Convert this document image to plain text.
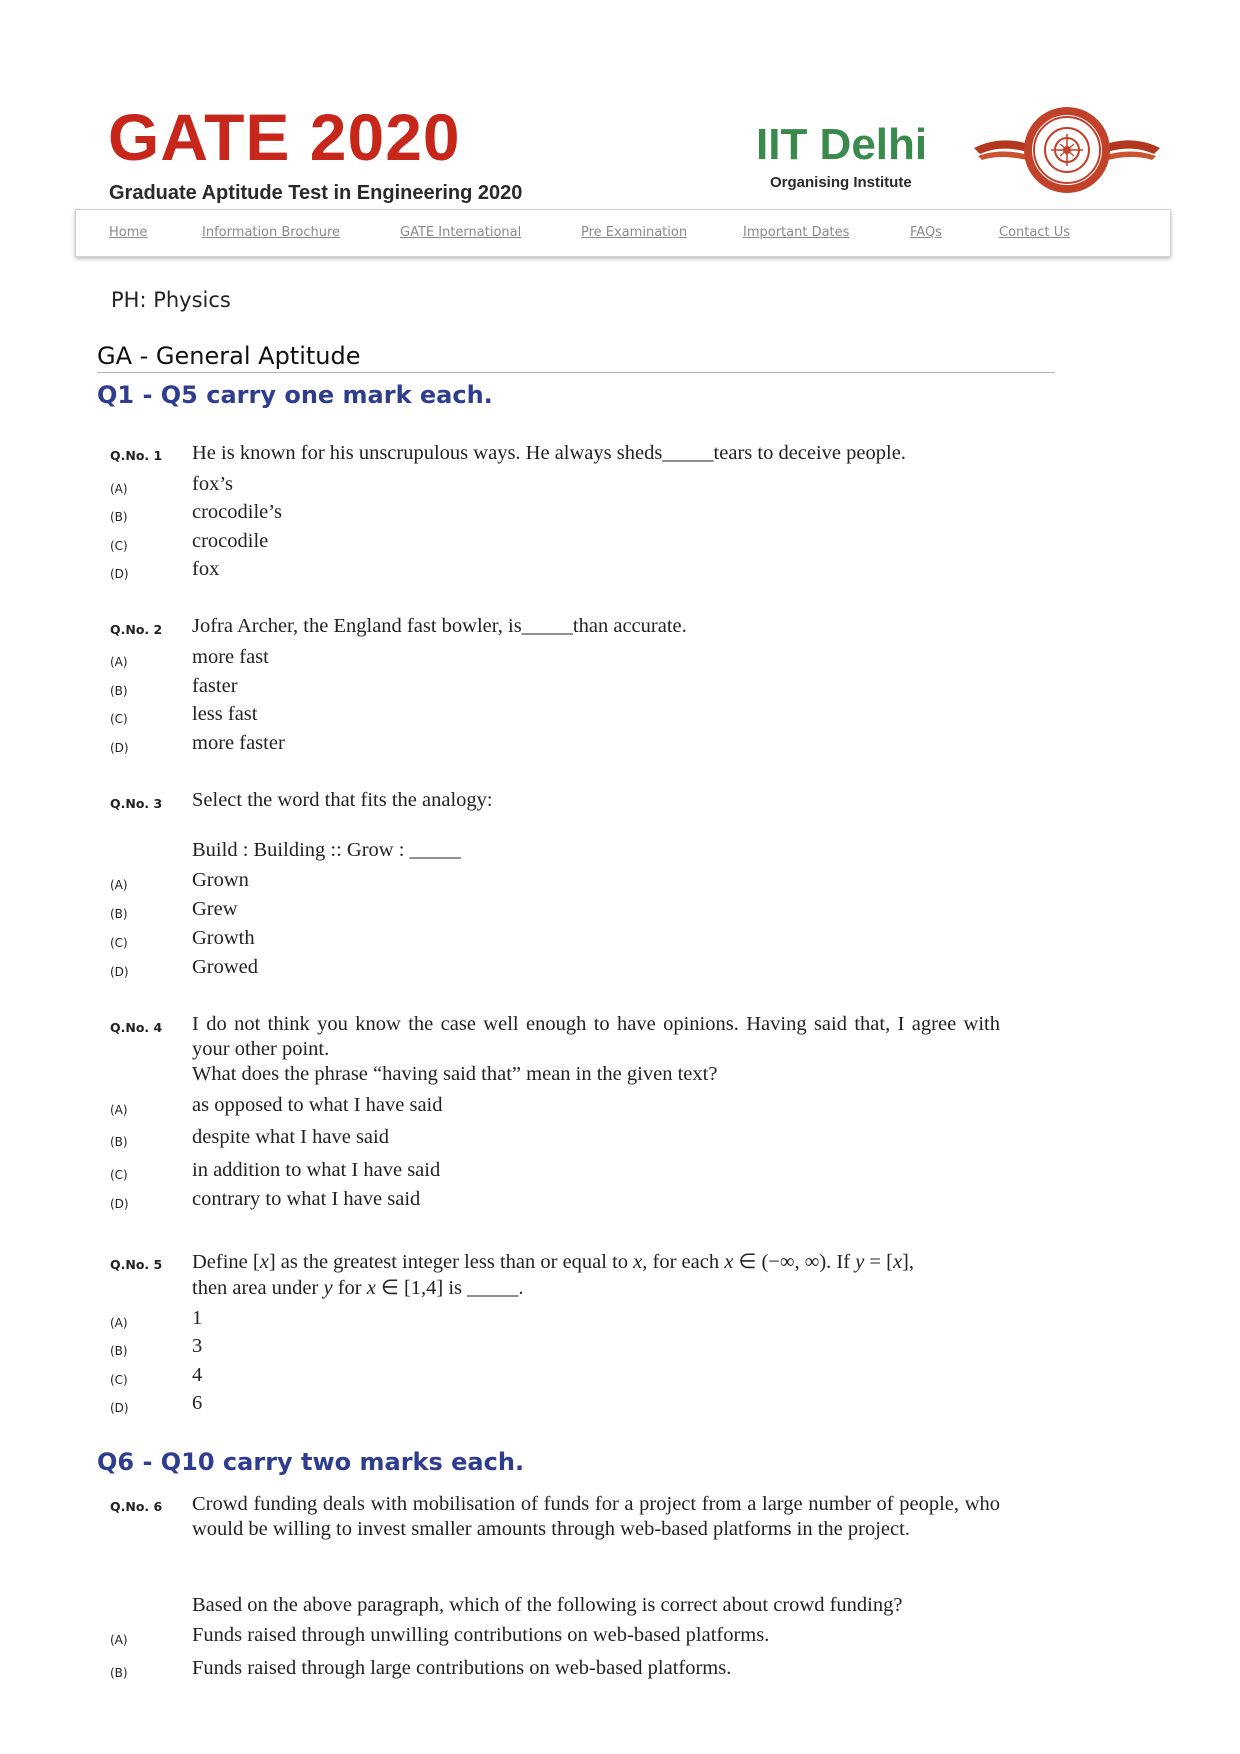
GATE 2020
Graduate Aptitude Test in Engineering 2020
IIT Delhi
Organising Institute
Home	Information Brochure	GATE International	Pre Examination	Important Dates	FAQs	Contact Us
PH: Physics
GA - General Aptitude
Q1 - Q5 carry one mark each.
Q.No. 1 He is known for his unscrupulous ways. He always sheds_____tears to deceive people.
(A)	fox’s
(B)	crocodile’s
(C)	crocodile
(D)	fox
Q.No. 2 Jofra Archer, the England fast bowler, is_____than accurate.
(A)	more fast
(B)	faster
(C)	less fast
(D)	more faster
Q.No. 3 Select the word that fits the analogy:
Build : Building :: Grow : _____
(A)	Grown
(B)	Grew
(C)	Growth
(D)	Growed
Q.No. 4 I do not think you know the case well enough to have opinions. Having said that, I agree with your other point.
What does the phrase “having said that” mean in the given text?
(A)	as opposed to what I have said
(B)	despite what I have said
(C)	in addition to what I have said
(D)	contrary to what I have said
Q.No. 5 Define [x] as the greatest integer less than or equal to x, for each x ∈ (−∞, ∞). If y = [x],
then area under y for x ∈ [1,4] is _____.
(A)	1
(B)	3
(C)	4
(D)	6
Q6 - Q10 carry two marks each.
Q.No. 6 Crowd funding deals with mobilisation of funds for a project from a large number of people, who would be willing to invest smaller amounts through web-based platforms in the project.
Based on the above paragraph, which of the following is correct about crowd funding?
(A)	Funds raised through unwilling contributions on web-based platforms.
(B)	Funds raised through large contributions on web-based platforms.
